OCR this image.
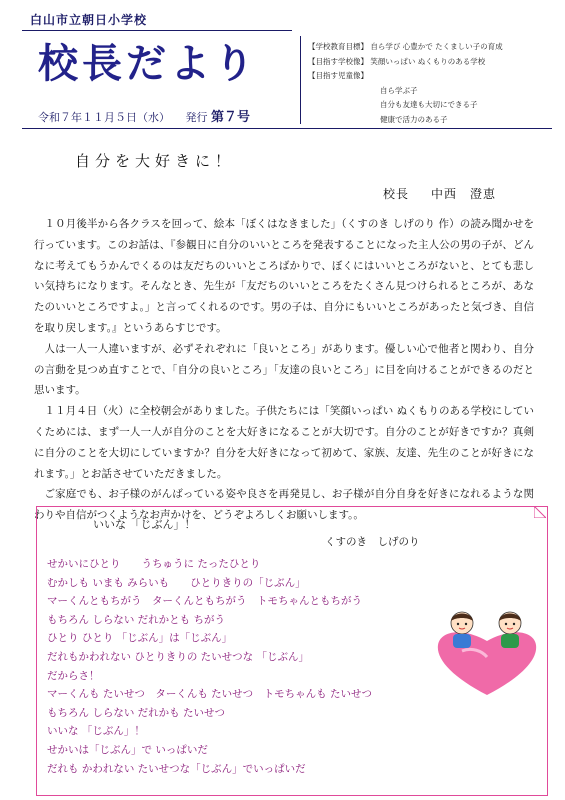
白山市立朝日小学校
校長だより
令和７年１１月５日（水） 発行 第７号
【学校教育目標】 自ら学び 心豊かで たくましい子の育成
【目指す学校像】 笑顔いっぱい ぬくもりのある学校
【目指す児童像】
自ら学ぶ子
自分も友達も大切にできる子
健康で活力のある子
自分を大好きに！
校長 中西　澄恵

１０月後半から各クラスを回って、絵本「ぼくはなきました」（くすのき しげのり 作）の読み聞かせを行っています。このお話は、『参観日に自分のいいところを発表することになった主人公の男の子が、どんなに考えてもうかんでくるのは友だちのいいところばかりで、ぼくにはいいところがないと、とても悲しい気持ちになります。そんなとき、先生が「友だちのいいところをたくさん見つけられるところが、あなたのいいところですよ。」と言ってくれるのです。男の子は、自分にもいいところがあったと気づき、自信を取り戻します。』というあらすじです。

人は一人一人違いますが、必ずそれぞれに「良いところ」があります。優しい心で他者と関わり、自分の言動を見つめ直すことで、「自分の良いところ」「友達の良いところ」に目を向けることができるのだと思います。

１１月４日（火）に全校朝会がありました。子供たちには「笑顔いっぱい ぬくもりのある学校にしていくためには、まず一人一人が自分のことを大好きになることが大切です。自分のことが好きですか？真剣に自分のことを大切にしていますか？自分を大好きになって初めて、家族、友達、先生のことが好きになれます。」とお話させていただきました。

ご家庭でも、お子様のがんばっている姿や良さを再発見し、お子様が自分自身を好きになれるような関わりや自信がつくようなお声かけを、どうぞよろしくお願いします。。

いいな 「じぶん」！
くすのき　しげのり
せかいにひとり　　うちゅうに たったひとり
むかしも いまも みらいも　　ひとりきりの「じぶん」
マーくんともちがう　ターくんともちがう　トモちゃんともちがう
もちろん しらない だれかとも ちがう
ひとり ひとり 「じぶん」は「じぶん」
だれもかわれない ひとりきりの たいせつな 「じぶん」
だからさ！
マーくんも たいせつ　ターくんも たいせつ　トモちゃんも たいせつ
もちろん しらない だれかも たいせつ
いいな 「じぶん」！
せかいは「じぶん」で いっぱいだ
だれも かわれない たいせつな「じぶん」でいっぱいだ
